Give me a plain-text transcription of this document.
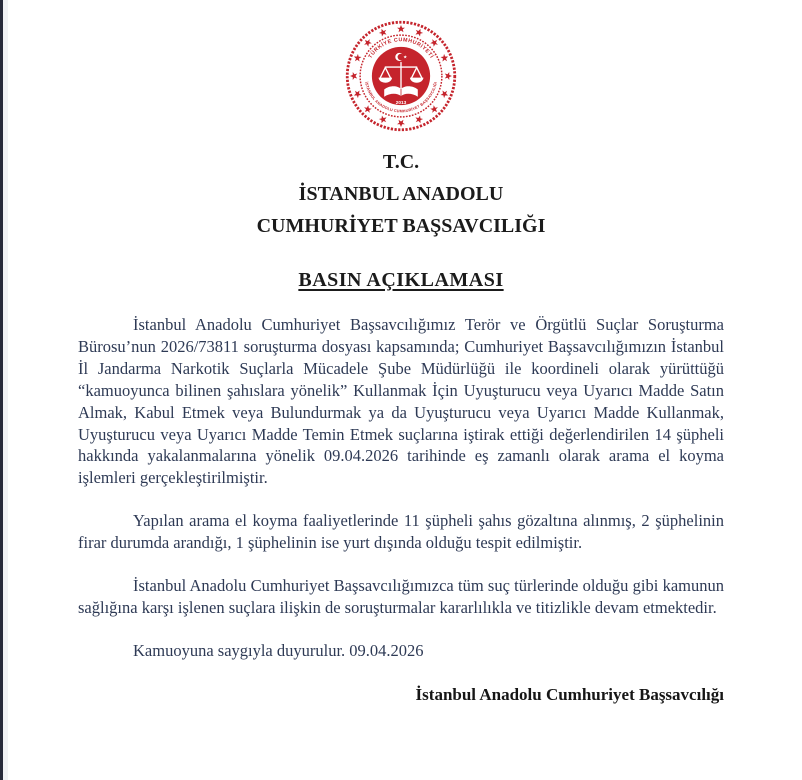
TÜRKİYE CUMHURİYETİ
İSTANBUL ANADOLU CUMHURİYET BAŞSAVCILIĞI
2013
T.C.
İSTANBUL ANADOLU
CUMHURİYET BAŞSAVCILIĞI
BASIN AÇIKLAMASI

İstanbul Anadolu Cumhuriyet Başsavcılığımız Terör ve Örgütlü Suçlar Soruşturma Bürosu’nun 2026/73811 soruşturma dosyası kapsamında; Cumhuriyet Başsavcılığımızın İstanbul İl Jandarma Narkotik Suçlarla Mücadele Şube Müdürlüğü ile koordineli olarak yürüttüğü “kamuoyunca bilinen şahıslara yönelik” Kullanmak İçin Uyuşturucu veya Uyarıcı Madde Satın Almak, Kabul Etmek veya Bulundurmak ya da Uyuşturucu veya Uyarıcı Madde Kullanmak, Uyuşturucu veya Uyarıcı Madde Temin Etmek suçlarına iştirak ettiği değerlendirilen 14 şüpheli hakkında yakalanmalarına yönelik 09.04.2026 tarihinde eş zamanlı olarak arama el koyma işlemleri gerçekleştirilmiştir.

Yapılan arama el koyma faaliyetlerinde 11 şüpheli şahıs gözaltına alınmış, 2 şüphelinin firar durumda arandığı, 1 şüphelinin ise yurt dışında olduğu tespit edilmiştir.

İstanbul Anadolu Cumhuriyet Başsavcılığımızca tüm suç türlerinde olduğu gibi kamunun sağlığına karşı işlenen suçlara ilişkin de soruşturmalar kararlılıkla ve titizlikle devam etmektedir.

Kamuoyuna saygıyla duyurulur. 09.04.2026

İstanbul Anadolu Cumhuriyet Başsavcılığı
